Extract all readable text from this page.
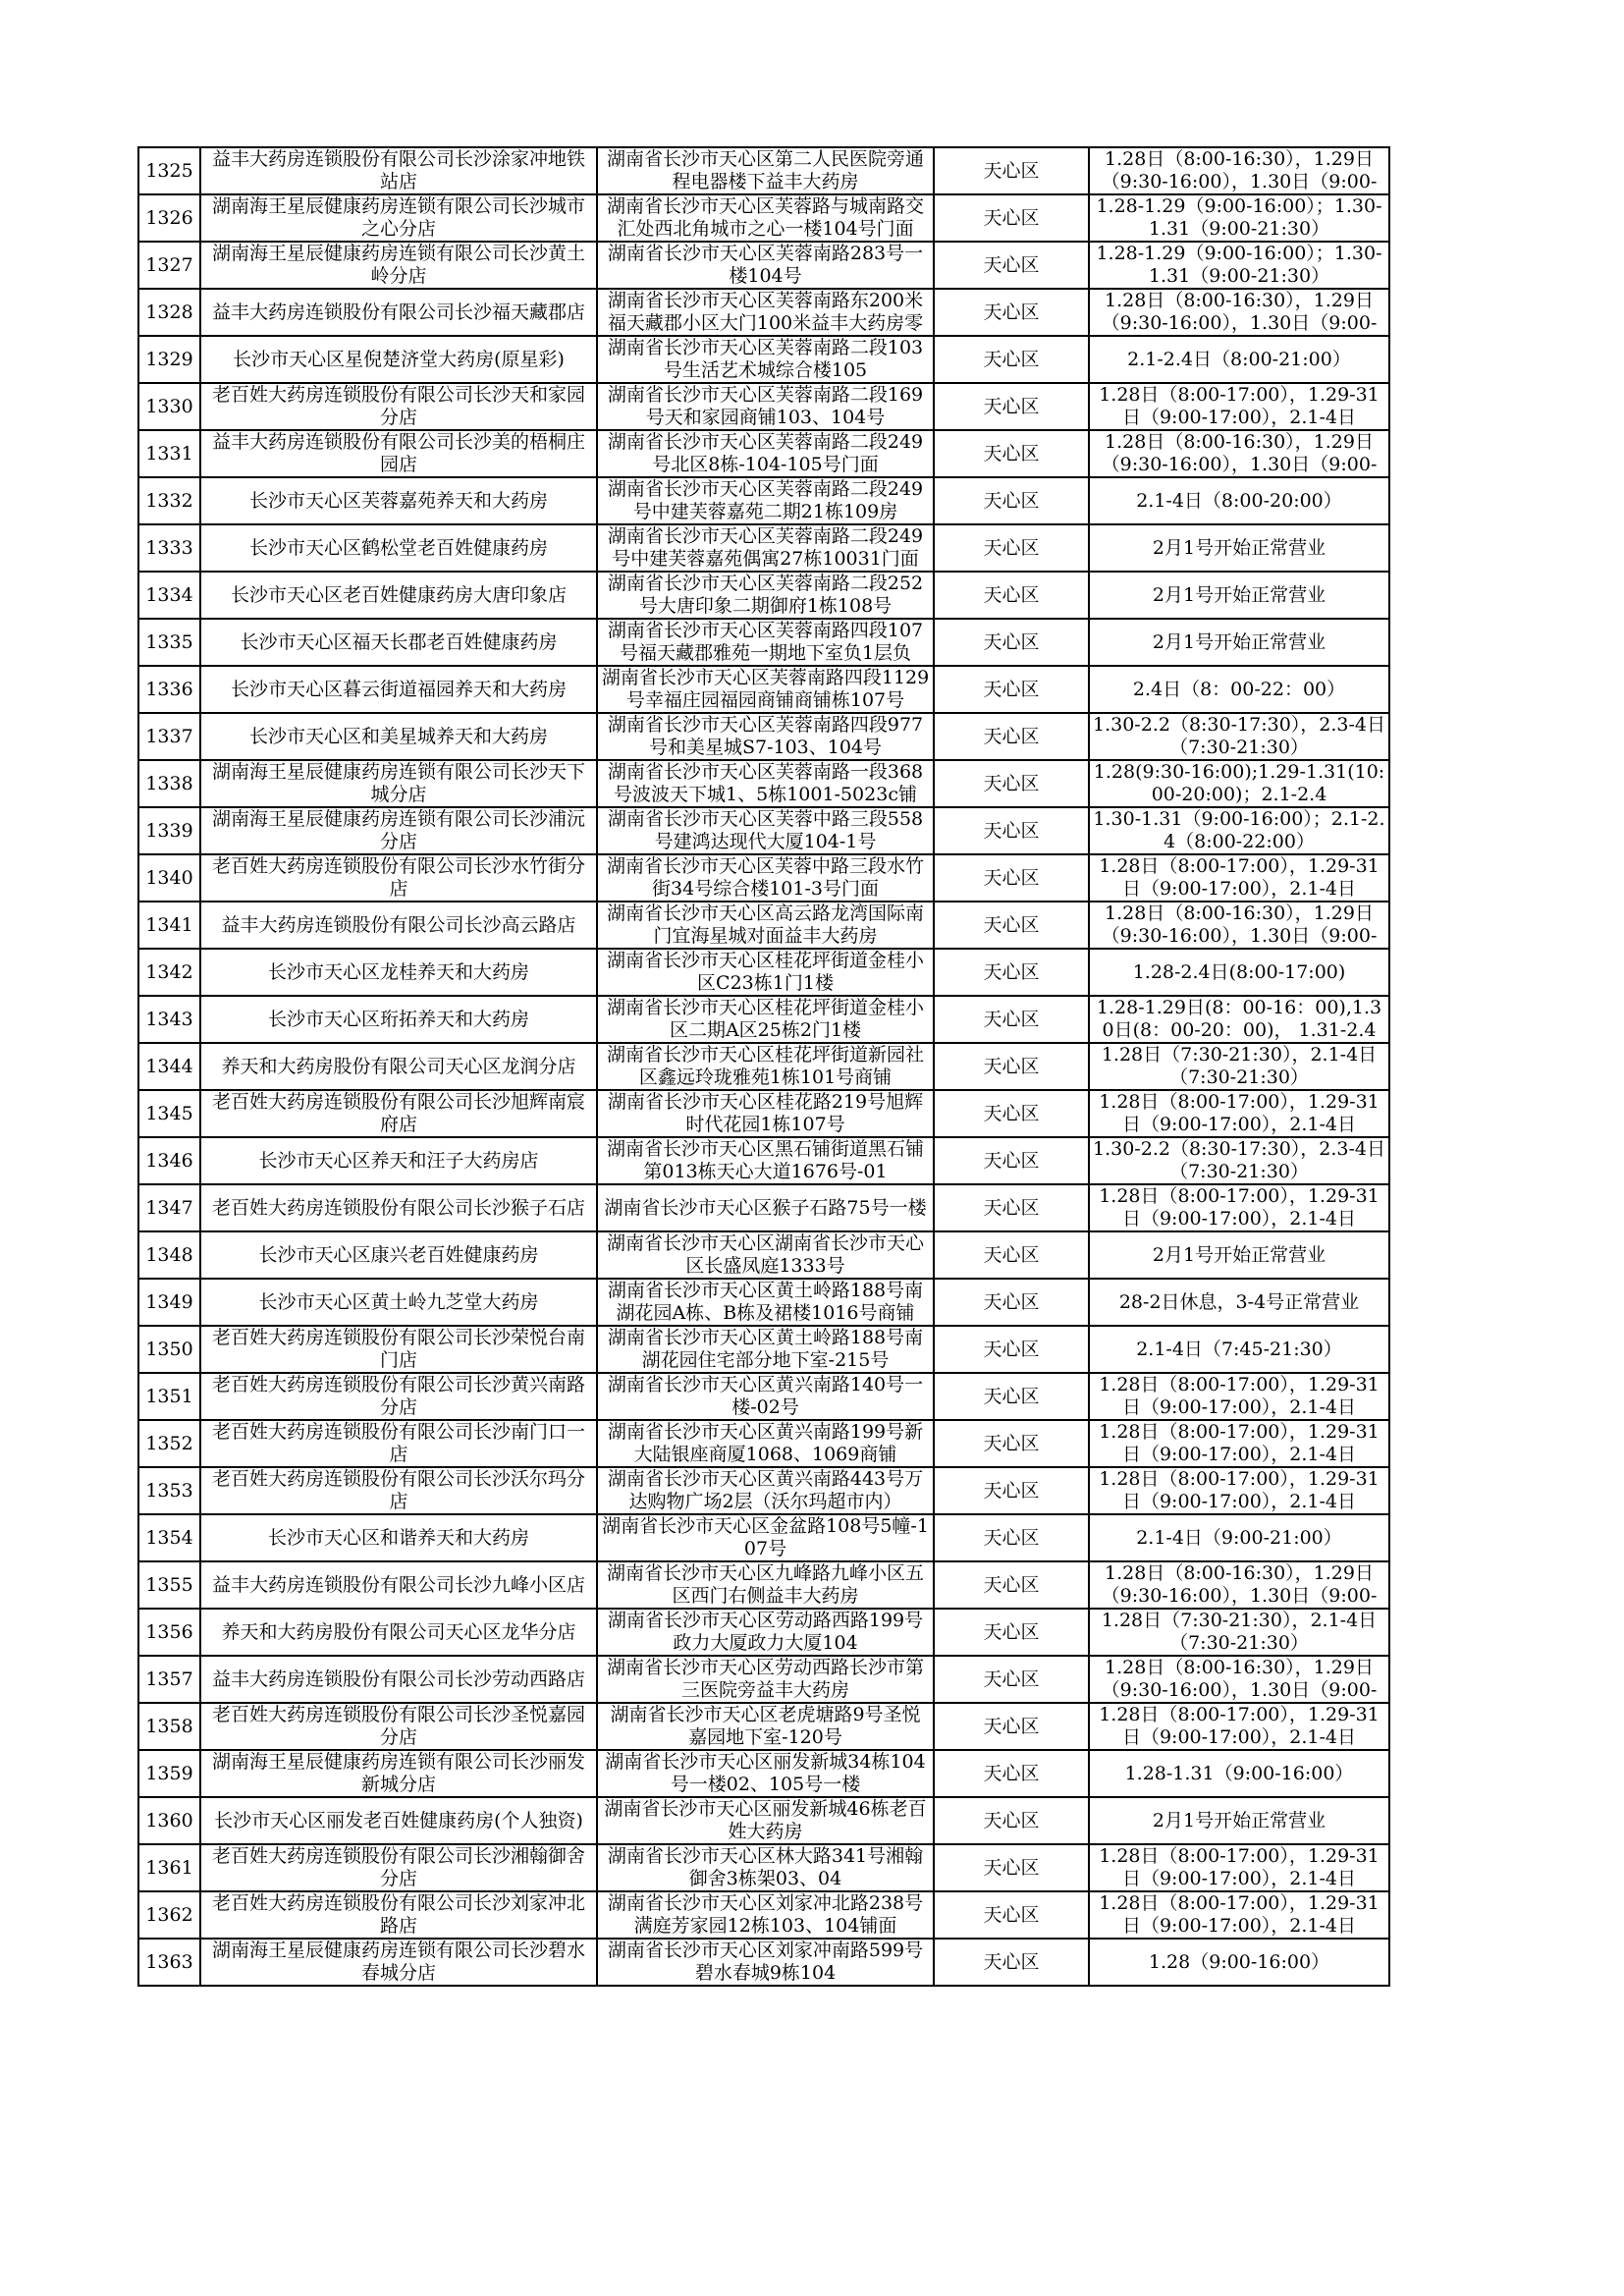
1325	益丰大药房连锁股份有限公司长沙涂家冲地铁站店	湖南省长沙市天心区第二人民医院旁通程电器楼下益丰大药房	天心区	1.28日（8:00-16:30），1.29日（9:30-16:00），1.30日（9:00-

1326	湖南海王星辰健康药房连锁有限公司长沙城市之心分店	湖南省长沙市天心区芙蓉路与城南路交汇处西北角城市之心一楼104号门面	天心区	1.28-1.29（9:00-16:00）；1.30-1.31（9:00-21:30）

1327	湖南海王星辰健康药房连锁有限公司长沙黄土岭分店	湖南省长沙市天心区芙蓉南路283号一楼104号	天心区	1.28-1.29（9:00-16:00）；1.30-1.31（9:00-21:30）

1328	益丰大药房连锁股份有限公司长沙福天藏郡店	湖南省长沙市天心区芙蓉南路东200米福天藏郡小区大门100米益丰大药房零	天心区	1.28日（8:00-16:30），1.29日（9:30-16:00），1.30日（9:00-

1329	长沙市天心区星倪楚济堂大药房(原星彩)	湖南省长沙市天心区芙蓉南路二段103号生活艺术城综合楼105	天心区	2.1-2.4日（8:00-21:00）

1330	老百姓大药房连锁股份有限公司长沙天和家园分店	湖南省长沙市天心区芙蓉南路二段169号天和家园商铺103、104号	天心区	1.28日（8:00-17:00），1.29-31日（9:00-17:00），2.1-4日

1331	益丰大药房连锁股份有限公司长沙美的梧桐庄园店	湖南省长沙市天心区芙蓉南路二段249号北区8栋-104-105号门面	天心区	1.28日（8:00-16:30），1.29日（9:30-16:00），1.30日（9:00-

1332	长沙市天心区芙蓉嘉苑养天和大药房	湖南省长沙市天心区芙蓉南路二段249号中建芙蓉嘉苑二期21栋109房	天心区	2.1-4日（8:00-20:00）

1333	长沙市天心区鹤松堂老百姓健康药房	湖南省长沙市天心区芙蓉南路二段249号中建芙蓉嘉苑偶寓27栋10031门面	天心区	2月1号开始正常营业

1334	长沙市天心区老百姓健康药房大唐印象店	湖南省长沙市天心区芙蓉南路二段252号大唐印象二期御府1栋108号	天心区	2月1号开始正常营业

1335	长沙市天心区福天长郡老百姓健康药房	湖南省长沙市天心区芙蓉南路四段107号福天藏郡雅苑一期地下室负1层负	天心区	2月1号开始正常营业

1336	长沙市天心区暮云街道福园养天和大药房	湖南省长沙市天心区芙蓉南路四段1129号幸福庄园福园商铺商铺栋107号	天心区	2.4日（8：00-22：00）

1337	长沙市天心区和美星城养天和大药房	湖南省长沙市天心区芙蓉南路四段977号和美星城S7-103、104号	天心区	1.30-2.2（8:30-17:30），2.3-4日（7:30-21:30）

1338	湖南海王星辰健康药房连锁有限公司长沙天下城分店	湖南省长沙市天心区芙蓉南路一段368号波波天下城1、5栋1001-5023c铺	天心区	1.28(9:30-16:00);1.29-1.31(10:00-20:00)；2.1-2.4

1339	湖南海王星辰健康药房连锁有限公司长沙浦沅分店	湖南省长沙市天心区芙蓉中路三段558号建鸿达现代大厦104-1号	天心区	1.30-1.31（9:00-16:00）；2.1-2.4（8:00-22:00）

1340	老百姓大药房连锁股份有限公司长沙水竹街分店	湖南省长沙市天心区芙蓉中路三段水竹街34号综合楼101-3号门面	天心区	1.28日（8:00-17:00），1.29-31日（9:00-17:00），2.1-4日

1341	益丰大药房连锁股份有限公司长沙高云路店	湖南省长沙市天心区高云路龙湾国际南门宜海星城对面益丰大药房	天心区	1.28日（8:00-16:30），1.29日（9:30-16:00），1.30日（9:00-

1342	长沙市天心区龙桂养天和大药房	湖南省长沙市天心区桂花坪街道金桂小区C23栋1门1楼	天心区	1.28-2.4日(8:00-17:00)

1343	长沙市天心区珩拓养天和大药房	湖南省长沙市天心区桂花坪街道金桂小区二期A区25栋2门1楼	天心区	1.28-1.29日(8：00-16：00),1.30日(8：00-20：00)， 1.31-2.4

1344	养天和大药房股份有限公司天心区龙润分店	湖南省长沙市天心区桂花坪街道新园社区鑫远玲珑雅苑1栋101号商铺	天心区	1.28日（7:30-21:30），2.1-4日（7:30-21:30）

1345	老百姓大药房连锁股份有限公司长沙旭辉南宸府店	湖南省长沙市天心区桂花路219号旭辉时代花园1栋107号	天心区	1.28日（8:00-17:00），1.29-31日（9:00-17:00），2.1-4日

1346	长沙市天心区养天和汪子大药房店	湖南省长沙市天心区黑石铺街道黑石铺第013栋天心大道1676号-01	天心区	1.30-2.2（8:30-17:30），2.3-4日（7:30-21:30）

1347	老百姓大药房连锁股份有限公司长沙猴子石店	湖南省长沙市天心区猴子石路75号一楼	天心区	1.28日（8:00-17:00），1.29-31日（9:00-17:00），2.1-4日

1348	长沙市天心区康兴老百姓健康药房	湖南省长沙市天心区湖南省长沙市天心区长盛凤庭1333号	天心区	2月1号开始正常营业

1349	长沙市天心区黄土岭九芝堂大药房	湖南省长沙市天心区黄土岭路188号南湖花园A栋、B栋及裙楼1016号商铺	天心区	28-2日休息，3-4号正常营业

1350	老百姓大药房连锁股份有限公司长沙荣悦台南门店	湖南省长沙市天心区黄土岭路188号南湖花园住宅部分地下室-215号	天心区	2.1-4日（7:45-21:30）

1351	老百姓大药房连锁股份有限公司长沙黄兴南路分店	湖南省长沙市天心区黄兴南路140号一楼-02号	天心区	1.28日（8:00-17:00），1.29-31日（9:00-17:00），2.1-4日

1352	老百姓大药房连锁股份有限公司长沙南门口一店	湖南省长沙市天心区黄兴南路199号新大陆银座商厦1068、1069商铺	天心区	1.28日（8:00-17:00），1.29-31日（9:00-17:00），2.1-4日

1353	老百姓大药房连锁股份有限公司长沙沃尔玛分店	湖南省长沙市天心区黄兴南路443号万达购物广场2层（沃尔玛超市内）	天心区	1.28日（8:00-17:00），1.29-31日（9:00-17:00），2.1-4日

1354	长沙市天心区和谐养天和大药房	湖南省长沙市天心区金盆路108号5幢-107号	天心区	2.1-4日（9:00-21:00）

1355	益丰大药房连锁股份有限公司长沙九峰小区店	湖南省长沙市天心区九峰路九峰小区五区西门右侧益丰大药房	天心区	1.28日（8:00-16:30），1.29日（9:30-16:00），1.30日（9:00-

1356	养天和大药房股份有限公司天心区龙华分店	湖南省长沙市天心区劳动路西路199号政力大厦政力大厦104	天心区	1.28日（7:30-21:30），2.1-4日（7:30-21:30）

1357	益丰大药房连锁股份有限公司长沙劳动西路店	湖南省长沙市天心区劳动西路长沙市第三医院旁益丰大药房	天心区	1.28日（8:00-16:30），1.29日（9:30-16:00），1.30日（9:00-

1358	老百姓大药房连锁股份有限公司长沙圣悦嘉园分店	湖南省长沙市天心区老虎塘路9号圣悦嘉园地下室-120号	天心区	1.28日（8:00-17:00），1.29-31日（9:00-17:00），2.1-4日

1359	湖南海王星辰健康药房连锁有限公司长沙丽发新城分店	湖南省长沙市天心区丽发新城34栋104号一楼02、105号一楼	天心区	1.28-1.31（9:00-16:00）

1360	长沙市天心区丽发老百姓健康药房(个人独资)	湖南省长沙市天心区丽发新城46栋老百姓大药房	天心区	2月1号开始正常营业

1361	老百姓大药房连锁股份有限公司长沙湘翰御舍分店	湖南省长沙市天心区林大路341号湘翰御舍3栋架03、04	天心区	1.28日（8:00-17:00），1.29-31日（9:00-17:00），2.1-4日

1362	老百姓大药房连锁股份有限公司长沙刘家冲北路店	湖南省长沙市天心区刘家冲北路238号满庭芳家园12栋103、104铺面	天心区	1.28日（8:00-17:00），1.29-31日（9:00-17:00），2.1-4日

1363	湖南海王星辰健康药房连锁有限公司长沙碧水春城分店	湖南省长沙市天心区刘家冲南路599号碧水春城9栋104	天心区	1.28（9:00-16:00）
